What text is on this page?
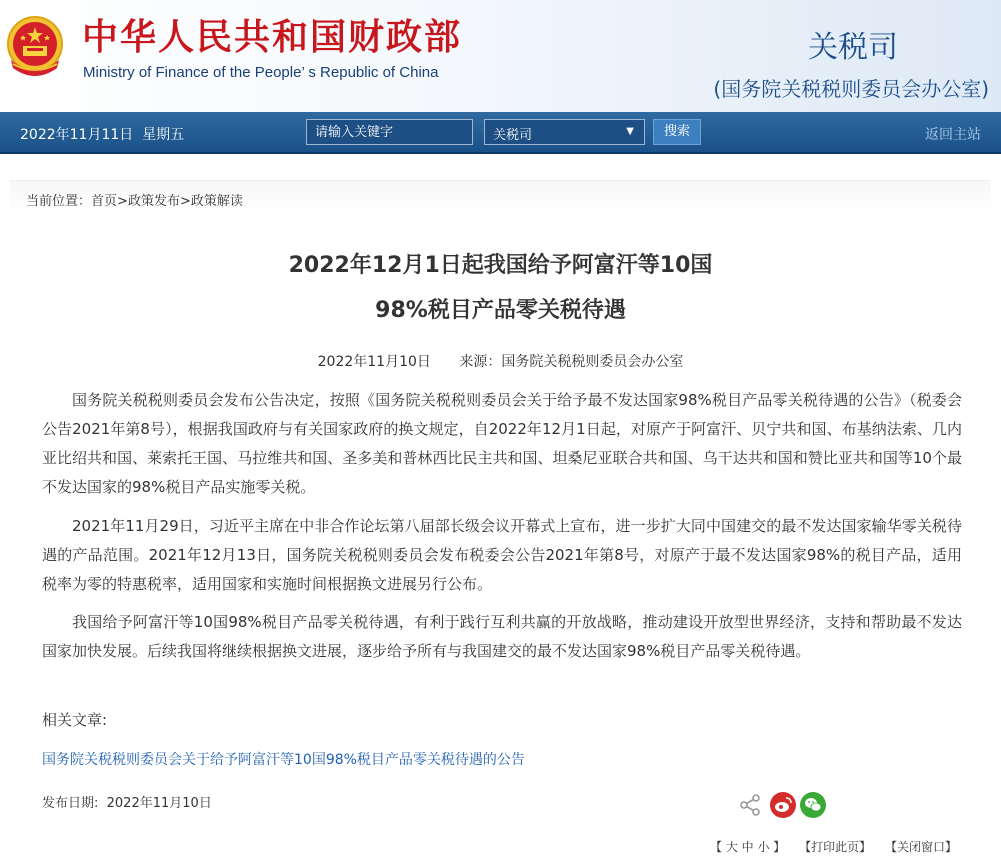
中华人民共和国财政部
Ministry of Finance of the People’ s Republic of China
关税司
(国务院关税税则委员会办公室)
2022年11月11日  星期五
请输入关键字	关税司	▼	搜索	返回主站
当前位置：首页>政策发布>政策解读
2022年12月1日起我国给予阿富汗等10国
98%税目产品零关税待遇
2022年11月10日 来源：国务院关税税则委员会办公室

国务院关税税则委员会发布公告决定，按照《国务院关税税则委员会关于给予最不发达国家98%税目产品零关税待遇的公告》（税委会公告2021年第8号），根据我国政府与有关国家政府的换文规定，自2022年12月1日起，对原产于阿富汗、贝宁共和国、布基纳法索、几内亚比绍共和国、莱索托王国、马拉维共和国、圣多美和普林西比民主共和国、坦桑尼亚联合共和国、乌干达共和国和赞比亚共和国等10个最不发达国家的98%税目产品实施零关税。

2021年11月29日，习近平主席在中非合作论坛第八届部长级会议开幕式上宣布，进一步扩大同中国建交的最不发达国家输华零关税待遇的产品范围。2021年12月13日，国务院关税税则委员会发布税委会公告2021年第8号，对原产于最不发达国家98%的税目产品，适用税率为零的特惠税率，适用国家和实施时间根据换文进展另行公布。

我国给予阿富汗等10国98%税目产品零关税待遇，有利于践行互利共赢的开放战略，推动建设开放型世界经济，支持和帮助最不发达国家加快发展。后续我国将继续根据换文进展，逐步给予所有与我国建交的最不发达国家98%税目产品零关税待遇。

相关文章:
国务院关税税则委员会关于给予阿富汗等10国98%税目产品零关税待遇的公告
发布日期:  2022年11月10日
【 大 中 小 】 【打印此页】 【关闭窗口】
